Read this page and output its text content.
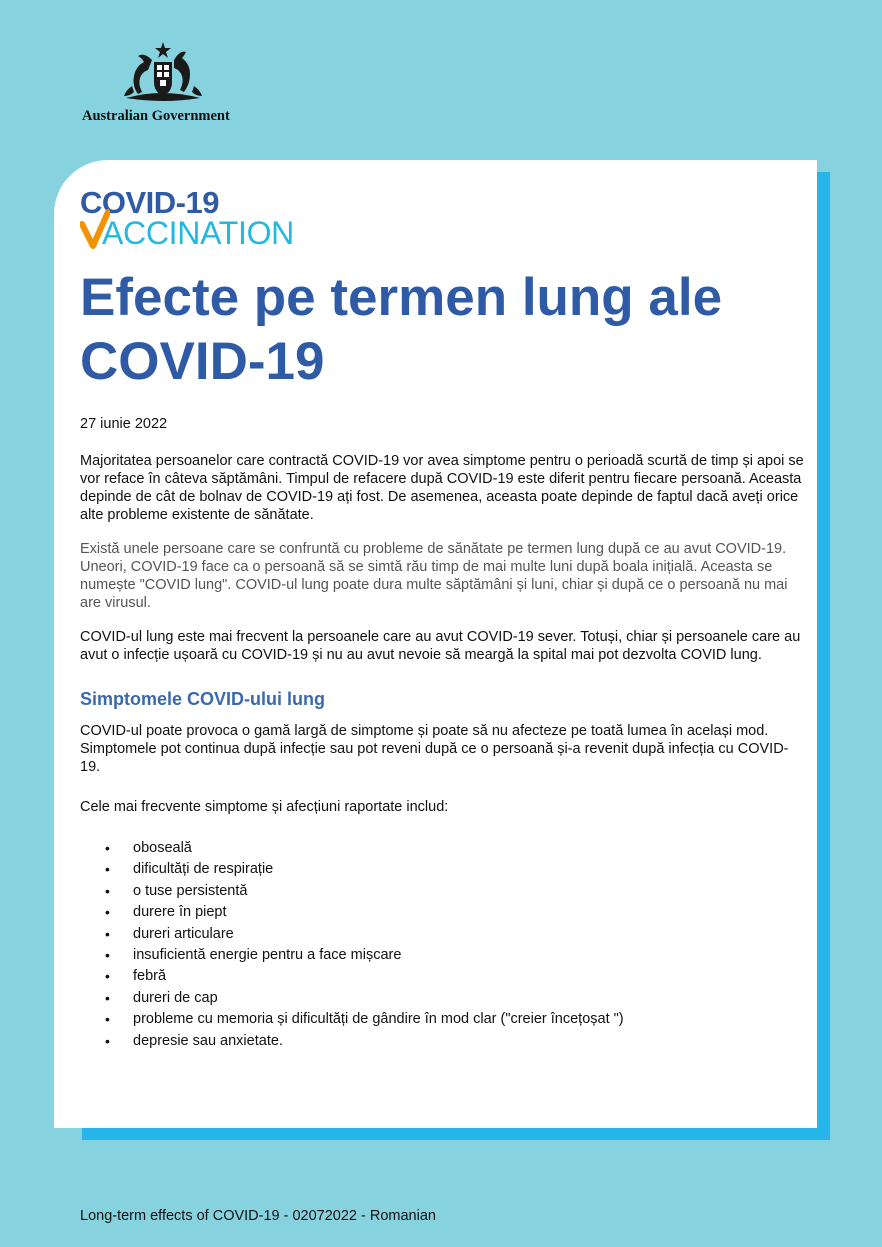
Australian Government
COVID-19
ACCINATION
Efecte pe termen lung ale COVID-19

27 iunie 2022

Majoritatea persoanelor care contractă COVID-19 vor avea simptome pentru o perioadă scurtă de timp și apoi se vor reface în câteva săptămâni. Timpul de refacere după COVID-19 este diferit pentru fiecare persoană. Aceasta depinde de cât de bolnav de COVID-19 ați fost. De asemenea, aceasta poate depinde de faptul dacă aveți orice alte probleme existente de sănătate.

Există unele persoane care se confruntă cu probleme de sănătate pe termen lung după ce au avut COVID-19. Uneori, COVID-19 face ca o persoană să se simtă rău timp de mai multe luni după boala inițială. Aceasta se numește "COVID lung". COVID-ul lung poate dura multe săptămâni și luni, chiar și după ce o persoană nu mai are virusul.

COVID-ul lung este mai frecvent la persoanele care au avut COVID-19 sever. Totuși, chiar și persoanele care au avut o infecție ușoară cu COVID-19 și nu au avut nevoie să meargă la spital mai pot dezvolta COVID lung.

Simptomele COVID-ului lung

COVID-ul poate provoca o gamă largă de simptome și poate să nu afecteze pe toată lumea în același mod. Simptomele pot continua după infecție sau pot reveni după ce o persoană și-a revenit după infecția cu COVID-19.

Cele mai frecvente simptome și afecțiuni raportate includ:

• oboseală
• dificultăți de respirație
• o tuse persistentă
• durere în piept
• dureri articulare
• insuficientă energie pentru a face mișcare
• febră
• dureri de cap
• probleme cu memoria și dificultăți de gândire în mod clar ("creier încețoșat ")
• depresie sau anxietate.
Long-term effects of COVID-19 - 02072022 - Romanian
